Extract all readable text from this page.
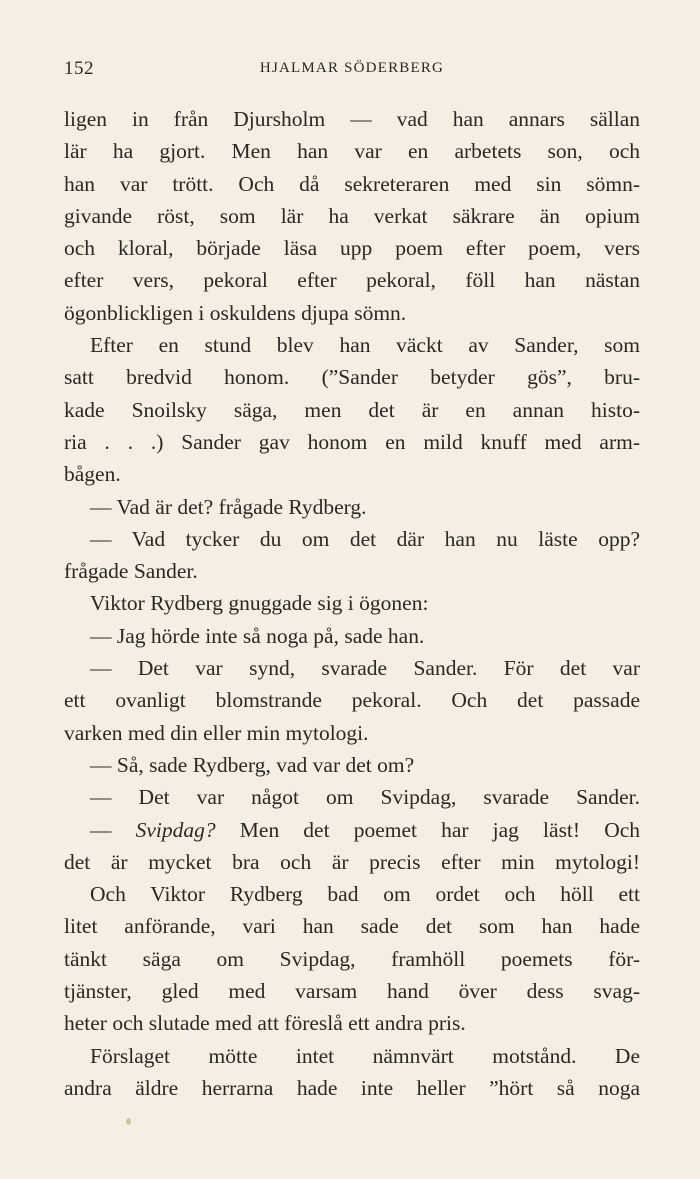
152	HJALMAR SÖDERBERG
ligen in från Djursholm — vad han annars sällan
lär ha gjort. Men han var en arbetets son, och
han var trött. Och då sekreteraren med sin sömn-
givande röst, som lär ha verkat säkrare än opium
och kloral, började läsa upp poem efter poem, vers
efter vers, pekoral efter pekoral, föll han nästan
ögonblickligen i oskuldens djupa sömn.
Efter en stund blev han väckt av Sander, som
satt bredvid honom. (”Sander betyder gös”, bru-
kade Snoilsky säga, men det är en annan histo-
ria . . .) Sander gav honom en mild knuff med arm-
bågen.
— Vad är det? frågade Rydberg.
— Vad tycker du om det där han nu läste opp?
frågade Sander.
Viktor Rydberg gnuggade sig i ögonen:
— Jag hörde inte så noga på, sade han.
— Det var synd, svarade Sander. För det var
ett ovanligt blomstrande pekoral. Och det passade
varken med din eller min mytologi.
— Så, sade Rydberg, vad var det om?
— Det var något om Svipdag, svarade Sander.
— Svipdag? Men det poemet har jag läst! Och
det är mycket bra och är precis efter min mytologi!
Och Viktor Rydberg bad om ordet och höll ett
litet anförande, vari han sade det som han hade
tänkt säga om Svipdag, framhöll poemets för-
tjänster, gled med varsam hand över dess svag-
heter och slutade med att föreslå ett andra pris.
Förslaget mötte intet nämnvärt motstånd. De
andra äldre herrarna hade inte heller ”hört så noga
